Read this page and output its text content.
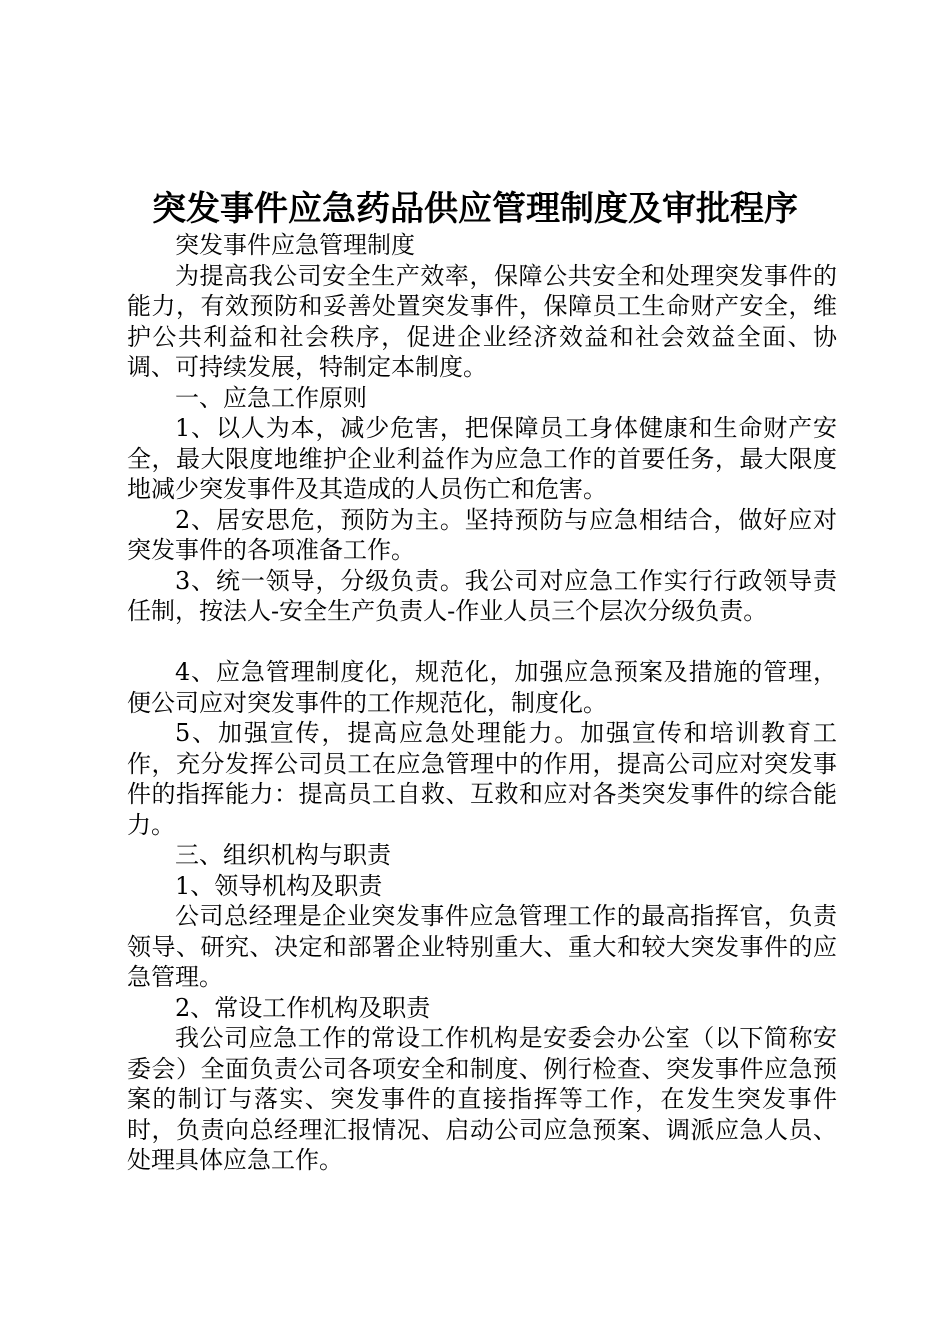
突发事件应急药品供应管理制度及审批程序

突发事件应急管理制度

为提高我公司安全生产效率，保障公共安全和处理突发事件的能力，有效预防和妥善处置突发事件，保障员工生命财产安全，维护公共利益和社会秩序，促进企业经济效益和社会效益全面、协调、可持续发展，特制定本制度。

一、应急工作原则

1、以人为本，减少危害，把保障员工身体健康和生命财产安全，最大限度地维护企业利益作为应急工作的首要任务，最大限度地减少突发事件及其造成的人员伤亡和危害。

2、居安思危，预防为主。坚持预防与应急相结合，做好应对突发事件的各项准备工作。

3、统一领导，分级负责。我公司对应急工作实行行政领导责任制，按法人-安全生产负责人-作业人员三个层次分级负责。

4、应急管理制度化，规范化，加强应急预案及措施的管理，便公司应对突发事件的工作规范化，制度化。

5、加强宣传，提高应急处理能力。加强宣传和培训教育工作，充分发挥公司员工在应急管理中的作用，提高公司应对突发事件的指挥能力：提高员工自救、互救和应对各类突发事件的综合能力。

三、组织机构与职责

1、领导机构及职责

公司总经理是企业突发事件应急管理工作的最高指挥官，负责领导、研究、决定和部署企业特别重大、重大和较大突发事件的应急管理。

2、常设工作机构及职责

我公司应急工作的常设工作机构是安委会办公室（以下简称安委会）全面负责公司各项安全和制度、例行检查、突发事件应急预案的制订与落实、突发事件的直接指挥等工作，在发生突发事件时，负责向总经理汇报情况、启动公司应急预案、调派应急人员、处理具体应急工作。
